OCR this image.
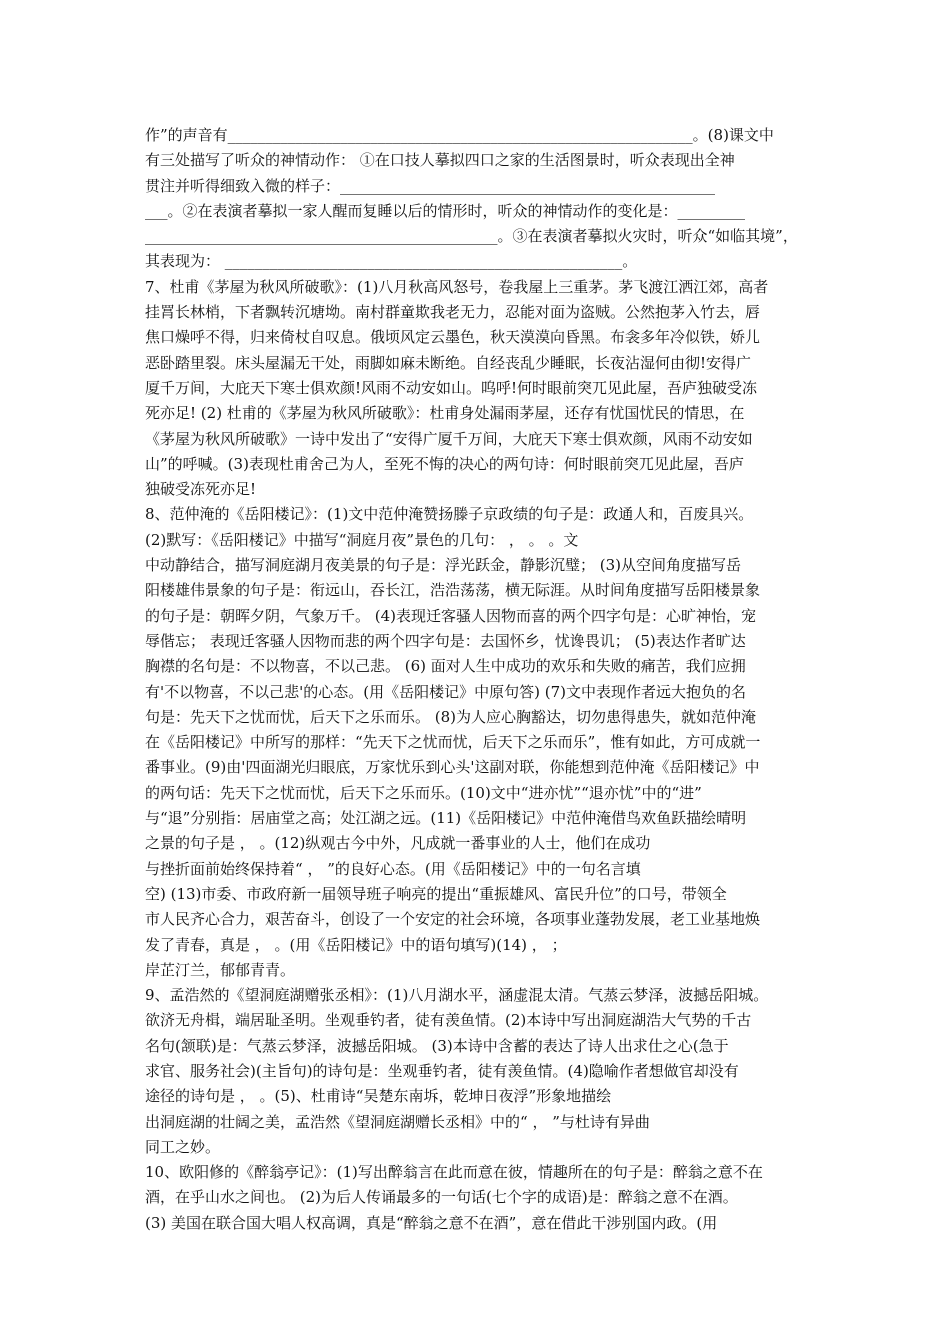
作”的声音有______________________________________________________________。(8)课文中
有三处描写了听众的神情动作： ①在口技人摹拟四口之家的生活图景时，听众表现出全神
贯注并听得细致入微的样子：__________________________________________________
___。②在表演者摹拟一家人醒而复睡以后的情形时，听众的神情动作的变化是：_________
_______________________________________________。③在表演者摹拟火灾时，听众“如临其境”，
其表现为： _____________________________________________________。
7、杜甫《茅屋为秋风所破歌》：(1)八月秋高风怒号，卷我屋上三重茅。茅飞渡江洒江郊，高者
挂罥长林梢，下者飘转沉塘坳。南村群童欺我老无力，忍能对面为盗贼。公然抱茅入竹去，唇
焦口燥呼不得，归来倚杖自叹息。俄顷风定云墨色，秋天漠漠向昏黑。布衾多年冷似铁，娇儿
恶卧踏里裂。床头屋漏无干处，雨脚如麻未断绝。自经丧乱少睡眠，长夜沾湿何由彻!安得广
厦千万间，大庇天下寒士俱欢颜!风雨不动安如山。呜呼!何时眼前突兀见此屋，吾庐独破受冻
死亦足! (2) 杜甫的《茅屋为秋风所破歌》：杜甫身处漏雨茅屋，还存有忧国忧民的情思，在
《茅屋为秋风所破歌》一诗中发出了“安得广厦千万间，大庇天下寒士俱欢颜，风雨不动安如
山”的呼喊。(3)表现杜甫舍己为人，至死不悔的决心的两句诗：何时眼前突兀见此屋，吾庐
独破受冻死亦足!
8、范仲淹的《岳阳楼记》：(1)文中范仲淹赞扬滕子京政绩的句子是：政通人和，百废具兴。
(2)默写：《岳阳楼记》中描写“洞庭月夜”景色的几句： ， 。 。文
中动静结合，描写洞庭湖月夜美景的句子是：浮光跃金，静影沉璧； (3)从空间角度描写岳
阳楼雄伟景象的句子是：衔远山，吞长江，浩浩荡荡，横无际涯。从时间角度描写岳阳楼景象
的句子是：朝晖夕阴，气象万千。 (4)表现迁客骚人因物而喜的两个四字句是：心旷神怡，宠
辱偕忘； 表现迁客骚人因物而悲的两个四字句是：去国怀乡，忧谗畏讥； (5)表达作者旷达
胸襟的名句是：不以物喜，不以己悲。 (6) 面对人生中成功的欢乐和失败的痛苦，我们应拥
有'不以物喜，不以己悲'的心态。(用《岳阳楼记》中原句答) (7)文中表现作者远大抱负的名
句是：先天下之忧而忧，后天下之乐而乐。 (8)为人应心胸豁达，切勿患得患失，就如范仲淹
在《岳阳楼记》中所写的那样：“先天下之忧而忧，后天下之乐而乐”，惟有如此，方可成就一
番事业。(9)由'四面湖光归眼底，万家忧乐到心头'这副对联，你能想到范仲淹《岳阳楼记》中
的两句话：先天下之忧而忧，后天下之乐而乐。(10)文中“进亦忧”“退亦忧”中的“进”
与“退”分别指：居庙堂之高；处江湖之远。(11)《岳阳楼记》中范仲淹借鸟欢鱼跃描绘晴明
之景的句子是 ， 。(12)纵观古今中外，凡成就一番事业的人士，他们在成功
与挫折面前始终保持着“ ， ”的良好心态。(用《岳阳楼记》中的一句名言填
空) (13)市委、市政府新一届领导班子响亮的提出“重振雄风、富民升位”的口号，带领全
市人民齐心合力，艰苦奋斗，创设了一个安定的社会环境，各项事业蓬勃发展，老工业基地焕
发了青春，真是 ， 。(用《岳阳楼记》中的语句填写)(14) ， ；
岸芷汀兰，郁郁青青。
9、孟浩然的《望洞庭湖赠张丞相》：(1)八月湖水平，涵虚混太清。气蒸云梦泽，波撼岳阳城。
欲济无舟楫，端居耻圣明。坐观垂钓者，徒有羡鱼情。(2)本诗中写出洞庭湖浩大气势的千古
名句(颔联)是：气蒸云梦泽，波撼岳阳城。 (3)本诗中含蓄的表达了诗人出求仕之心(急于
求官、服务社会)(主旨句)的诗句是：坐观垂钓者，徒有羡鱼情。(4)隐喻作者想做官却没有
途径的诗句是 ， 。(5)、杜甫诗“吴楚东南坼，乾坤日夜浮”形象地描绘
出洞庭湖的壮阔之美，孟浩然《望洞庭湖赠长丞相》中的“ ， ”与杜诗有异曲
同工之妙。
10、欧阳修的《醉翁亭记》：(1)写出醉翁言在此而意在彼，情趣所在的句子是：醉翁之意不在
酒，在乎山水之间也。 (2)为后人传诵最多的一句话(七个字的成语)是：醉翁之意不在酒。
(3) 美国在联合国大唱人权高调，真是“醉翁之意不在酒”，意在借此干涉别国内政。(用
